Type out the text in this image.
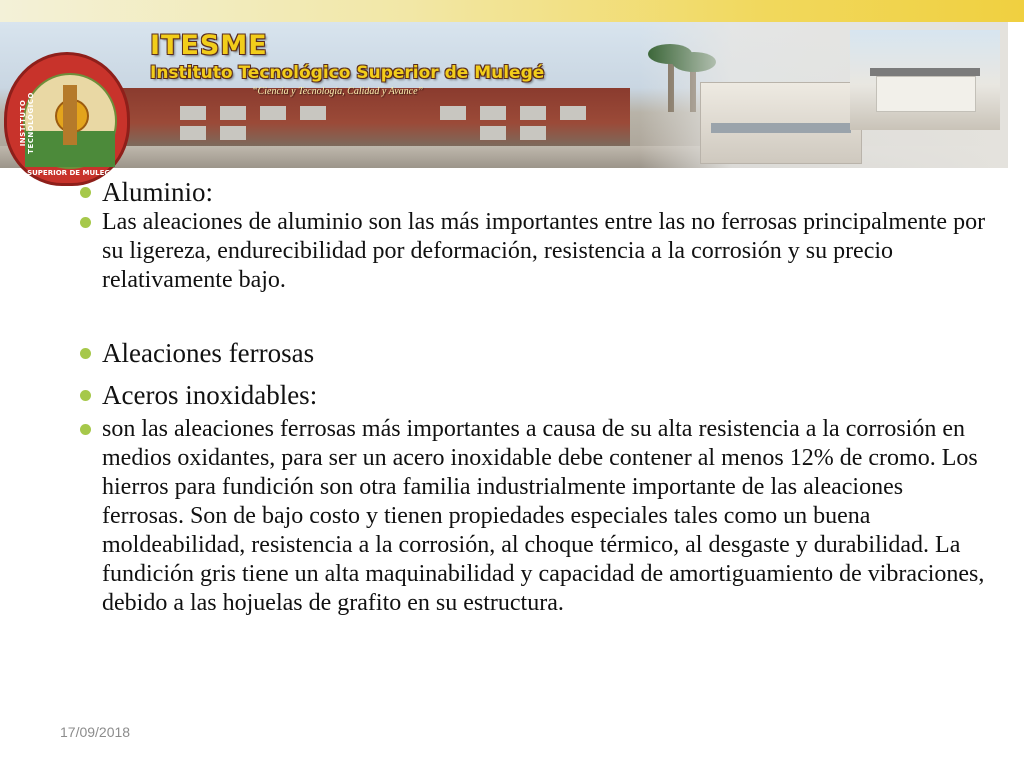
INSTITUTO TECNOLÓGICO
SUPERIOR DE MULEGÉ
ITESME
Instituto Tecnológico Superior de Mulegé
“Ciencia y Tecnología, Calidad y Avance”
Aluminio:
Las aleaciones de aluminio son las más importantes entre las no ferrosas principalmente por su ligereza, endurecibilidad por deformación, resistencia a la corrosión y su precio relativamente bajo.
Aleaciones ferrosas
Aceros inoxidables:
son las aleaciones ferrosas más importantes a causa de su alta resistencia a la corrosión en medios oxidantes, para ser un acero inoxidable debe contener al menos 12% de cromo. Los hierros para fundición son otra familia industrialmente importante de las aleaciones ferrosas. Son de bajo costo y tienen propiedades especiales tales como un buena moldeabilidad, resistencia a la corrosión, al choque térmico, al desgaste y durabilidad. La fundición gris tiene un alta maquinabilidad y capacidad de amortiguamiento de vibraciones, debido a las hojuelas de grafito en su estructura.
17/09/2018
